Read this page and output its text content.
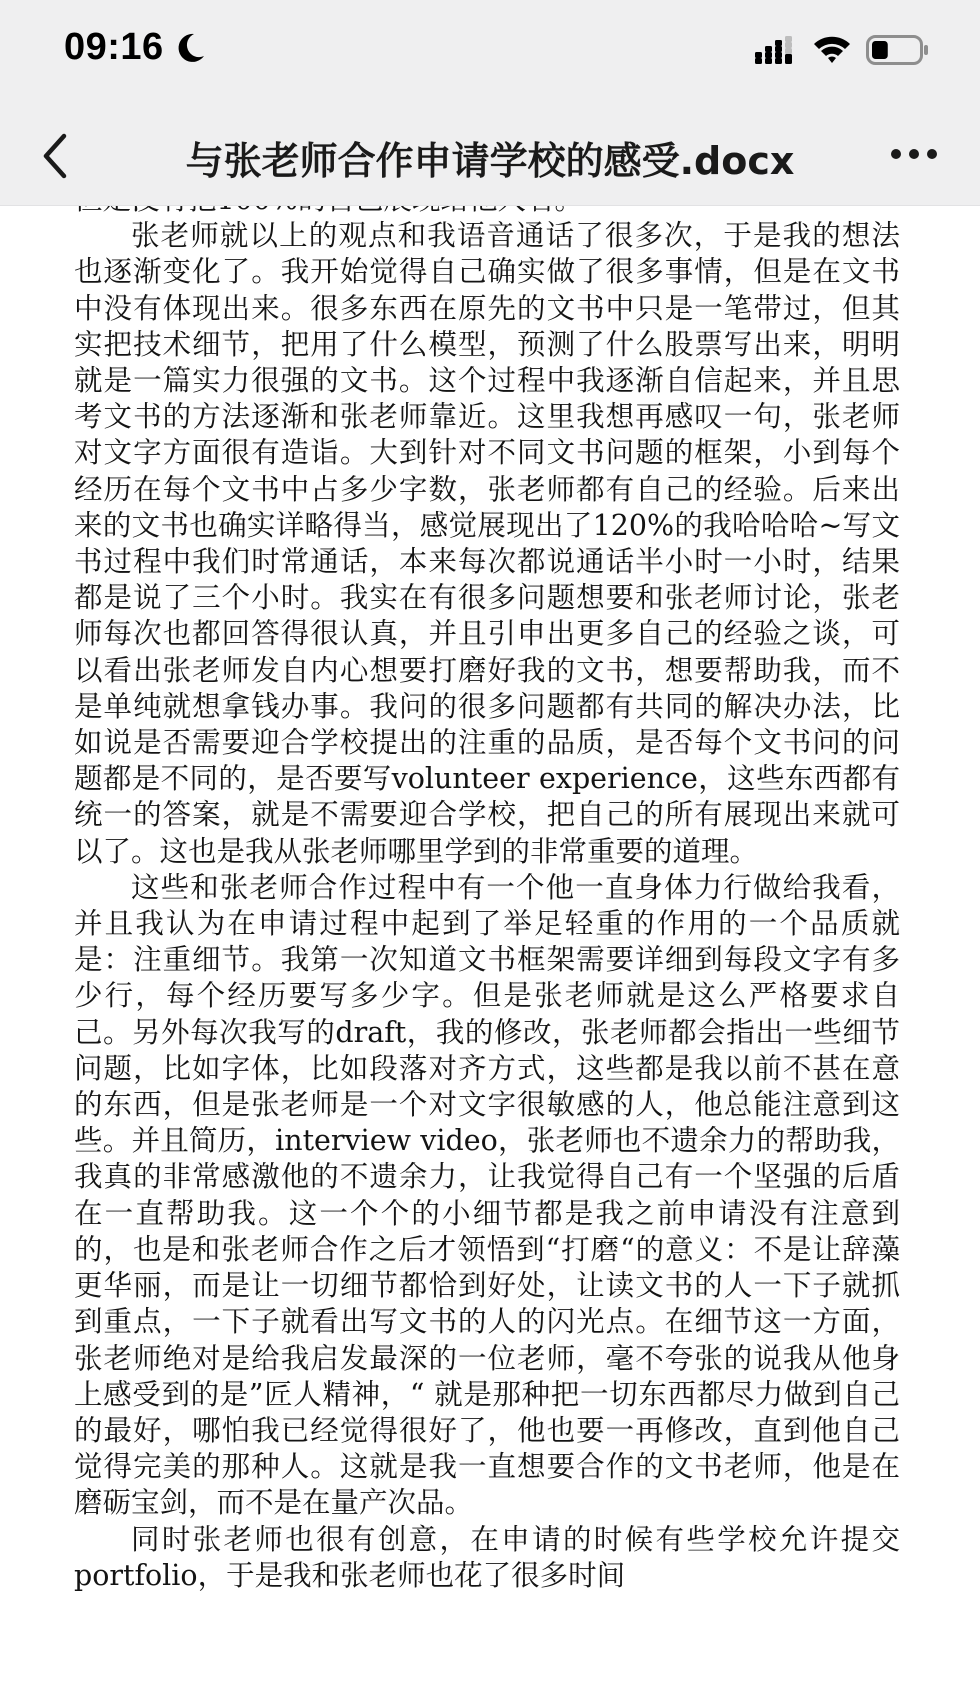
09:16
与张老师合作申请学校的感受.docx

张老师就以上的观点和我语音通话了很多次，于是我的想法也逐渐变化了。我开始觉得自己确实做了很多事情，但是在文书中没有体现出来。很多东西在原先的文书中只是一笔带过，但其实把技术细节，把用了什么模型，预测了什么股票写出来，明明就是一篇实力很强的文书。这个过程中我逐渐自信起来，并且思考文书的方法逐渐和张老师靠近。这里我想再感叹一句，张老师对文字方面很有造诣。大到针对不同文书问题的框架，小到每个经历在每个文书中占多少字数，张老师都有自己的经验。后来出来的文书也确实详略得当，感觉展现出了120%的我哈哈哈~写文书过程中我们时常通话，本来每次都说通话半小时一小时，结果都是说了三个小时。我实在有很多问题想要和张老师讨论，张老师每次也都回答得很认真，并且引申出更多自己的经验之谈，可以看出张老师发自内心想要打磨好我的文书，想要帮助我，而不是单纯就想拿钱办事。我问的很多问题都有共同的解决办法，比如说是否需要迎合学校提出的注重的品质，是否每个文书问的问题都是不同的，是否要写volunteer experience，这些东西都有统一的答案，就是不需要迎合学校，把自己的所有展现出来就可以了。这也是我从张老师哪里学到的非常重要的道理。

这些和张老师合作过程中有一个他一直身体力行做给我看，并且我认为在申请过程中起到了举足轻重的作用的一个品质就是：注重细节。我第一次知道文书框架需要详细到每段文字有多少行，每个经历要写多少字。但是张老师就是这么严格要求自己。另外每次我写的draft，我的修改，张老师都会指出一些细节问题，比如字体，比如段落对齐方式，这些都是我以前不甚在意的东西，但是张老师是一个对文字很敏感的人，他总能注意到这些。并且简历，interview video，张老师也不遗余力的帮助我，我真的非常感激他的不遗余力，让我觉得自己有一个坚强的后盾在一直帮助我。这一个个的小细节都是我之前申请没有注意到的，也是和张老师合作之后才领悟到“打磨“的意义：不是让辞藻更华丽，而是让一切细节都恰到好处，让读文书的人一下子就抓到重点，一下子就看出写文书的人的闪光点。在细节这一方面，张老师绝对是给我启发最深的一位老师，毫不夸张的说我从他身上感受到的是”匠人精神，“ 就是那种把一切东西都尽力做到自己的最好，哪怕我已经觉得很好了，他也要一再修改，直到他自己觉得完美的那种人。这就是我一直想要合作的文书老师，他是在磨砺宝剑，而不是在量产次品。

同时张老师也很有创意，在申请的时候有些学校允许提交portfolio，于是我和张老师也花了很多时间
